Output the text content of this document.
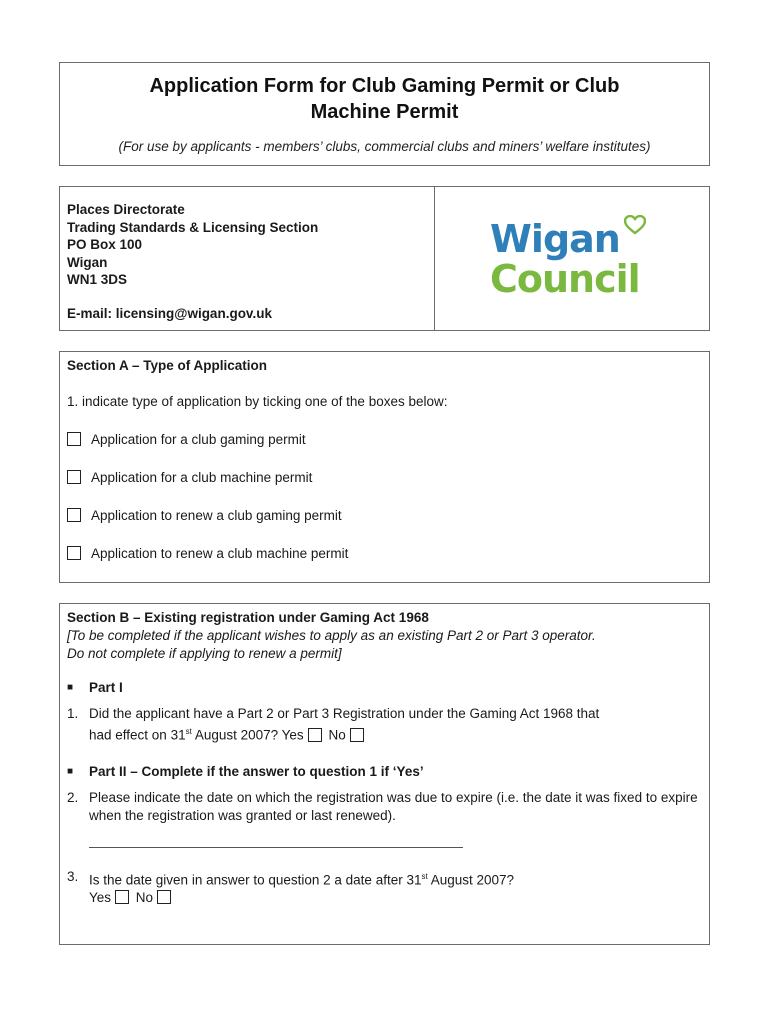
Application Form for Club Gaming Permit or Club
Machine Permit
(For use by applicants - members’ clubs, commercial clubs and miners’ welfare institutes)
Places Directorate
Trading Standards & Licensing Section
PO Box 100
Wigan
WN1 3DS
E-mail: licensing@wigan.gov.uk
Wigan
Council
Section A – Type of Application
1. indicate type of application by ticking one of the boxes below:
Application for a club gaming permit
Application for a club machine permit
Application to renew a club gaming permit
Application to renew a club machine permit
Section B – Existing registration under Gaming Act 1968
[To be completed if the applicant wishes to apply as an existing Part 2 or Part 3 operator.
Do not complete if applying to renew a permit]
■	Part I
1. Did the applicant have a Part 2 or Part 3 Registration under the Gaming Act 1968 that
had effect on 31st August 2007? Yes No
■	Part II – Complete if the answer to question 1 if ‘Yes’
2. Please indicate the date on which the registration was due to expire (i.e. the date it was fixed to expire when the registration was granted or last renewed).
3. Is the date given in answer to question 2 a date after 31st August 2007?
Yes No
